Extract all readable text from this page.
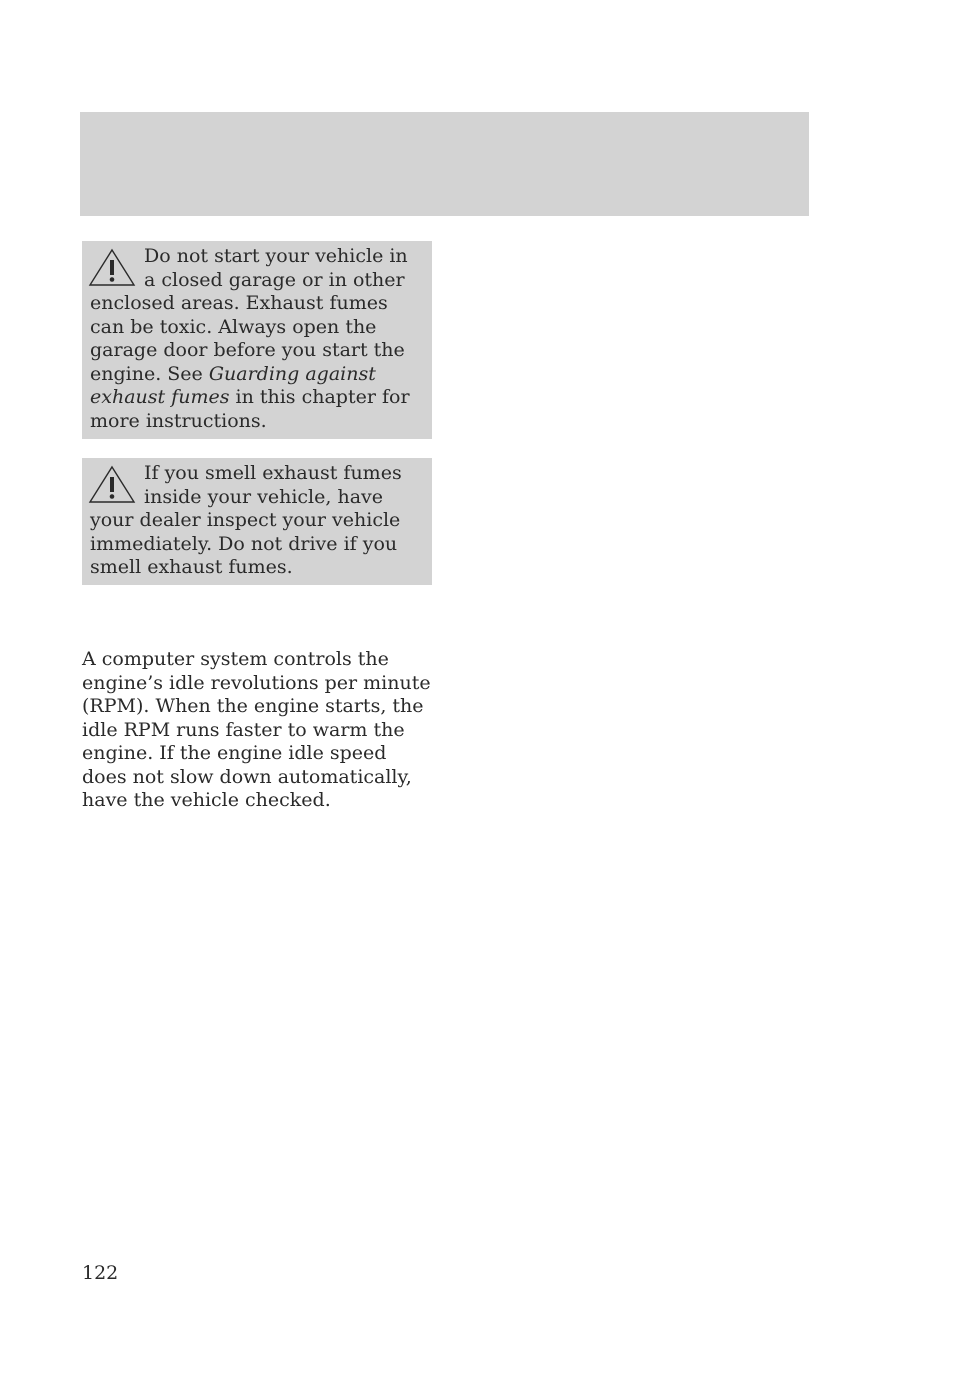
Do not start your vehicle in a closed garage or in other enclosed areas. Exhaust fumes can be toxic. Always open the garage door before you start the engine. See Guarding against exhaust fumes in this chapter for more instructions.
If you smell exhaust fumes inside your vehicle, have your dealer inspect your vehicle immediately. Do not drive if you smell exhaust fumes.

A computer system controls the engine’s idle revolutions per minute (RPM). When the engine starts, the idle RPM runs faster to warm the engine. If the engine idle speed does not slow down automatically, have the vehicle checked.

122
